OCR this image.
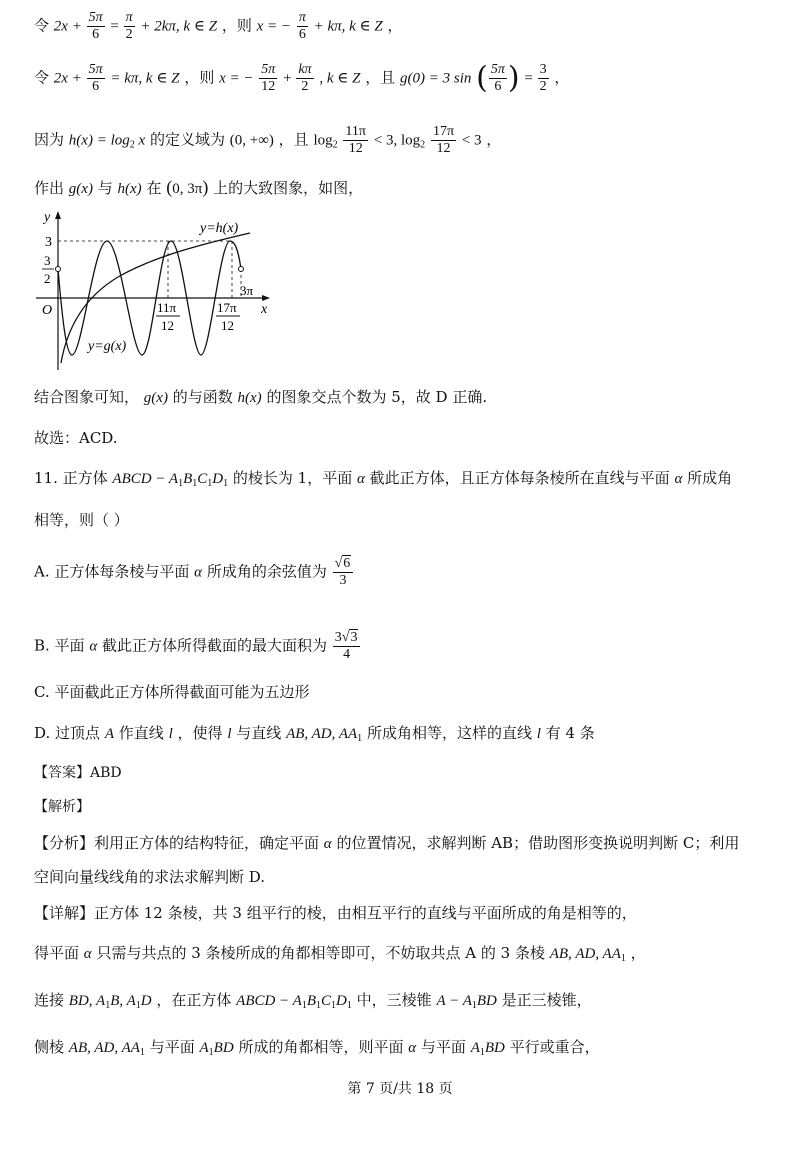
令 $2x + \frac{5\pi}{6} = \frac{\pi}{2} + 2k\pi$, k ∈ Z ，则 x = − $\frac{\pi}{6} + k\pi$, k ∈ Z ，
令 $2x + \frac{5\pi}{6} = k\pi$, k ∈ Z ，则 x = − $\frac{5\pi}{12} + \frac{k\pi}{2}$ , k ∈ Z ，且 g(0) = 3 sin ( $\frac{5\pi}{6}$ ) = $\frac{3}{2}$ ，
因为 $h(x) = \log_2 x$ 的定义域为 (0, +∞) ，且 $\log_2 \frac{11\pi}{12} < 3$, $\log_2 \frac{17\pi}{12} < 3$ ，
作出 g(x) 与 h(x) 在 (0, 3π) 上的大致图象，如图，
y
x
O
3
3
2
11π
12
17π
12
3π
y=h(x)
y=g(x)
结合图象可知， g(x) 的与函数 h(x) 的图象交点个数为 5，故 D 正确.
故选：ACD.
11. 正方体 ABCD − $A_1B_1C_1D_1$ 的棱长为 1，平面 α 截此正方体，且正方体每条棱所在直线与平面 α 所成角
相等，则（ ）
A. 正方体每条棱与平面 α 所成角的余弦值为 $\frac{√6}{3}$
B. 平面 α 截此正方体所得截面的最大面积为 $\frac{3√3}{4}$
C. 平面截此正方体所得截面可能为五边形
D. 过顶点 A 作直线 l ，使得 l 与直线 AB, AD, $AA_1$ 所成角相等，这样的直线 l 有 4 条
【答案】ABD
【解析】
【分析】利用正方体的结构特征，确定平面 α 的位置情况，求解判断 AB；借助图形变换说明判断 C；利用
空间向量线线角的求法求解判断 D.
【详解】正方体 12 条棱，共 3 组平行的棱，由相互平行的直线与平面所成的角是相等的，
得平面 α 只需与共点的 3 条棱所成的角都相等即可，不妨取共点 A 的 3 条棱 AB, AD, $AA_1$ ，
连接 BD, $A_1B$, $A_1D$ ，在正方体 ABCD − $A_1B_1C_1D_1$ 中，三棱锥 $A - A_1BD$ 是正三棱锥，
侧棱 AB, AD, $AA_1$ 与平面 $A_1BD$ 所成的角都相等，则平面 α 与平面 $A_1BD$ 平行或重合，
第 7 页/共 18 页
